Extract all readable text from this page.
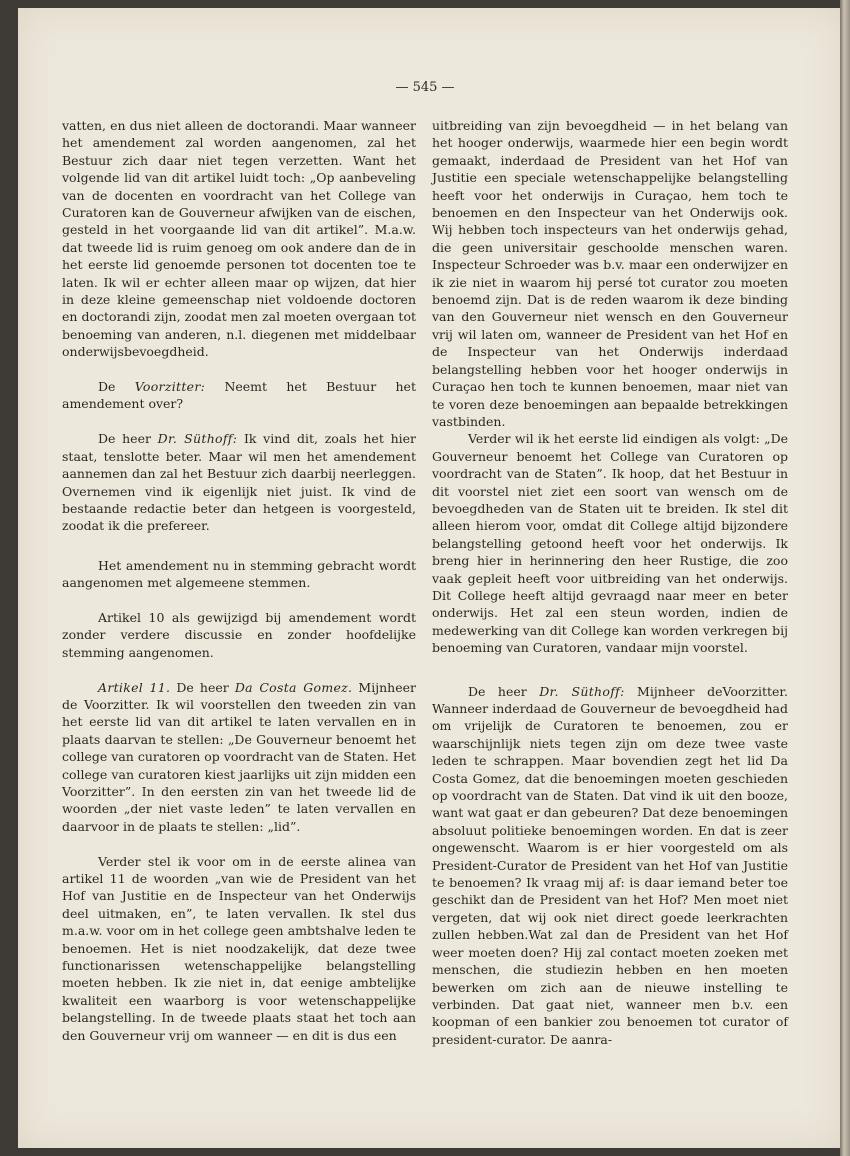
— 545 —

vatten, en dus niet alleen de doctorandi. Maar wanneer het amendement zal worden aangenomen, zal het Bestuur zich daar niet tegen verzetten. Want het volgende lid van dit artikel luidt toch: „Op aanbeveling van de docenten en voordracht van het College van Curatoren kan de Gouverneur afwijken van de eischen, gesteld in het voorgaande lid van dit artikel”. M.a.w. dat tweede lid is ruim genoeg om ook andere dan de in het eerste lid genoemde personen tot docenten toe te laten. Ik wil er echter alleen maar op wijzen, dat hier in deze kleine gemeenschap niet voldoende doctoren en doctorandi zijn, zoodat men zal moeten overgaan tot benoeming van anderen, n.l. diegenen met middelbaar onderwijsbevoegdheid.

De Voorzitter: Neemt het Bestuur het amendement over?

De heer Dr. Süthoff: Ik vind dit, zoals het hier staat, tenslotte beter. Maar wil men het amendement aannemen dan zal het Bestuur zich daarbij neerleggen. Overnemen vind ik eigenlijk niet juist. Ik vind de bestaande redactie beter dan hetgeen is voorgesteld, zoodat ik die prefereer.

Het amendement nu in stemming gebracht wordt aangenomen met algemeene stemmen.

Artikel 10 als gewijzigd bij amendement wordt zonder verdere discussie en zonder hoofdelijke stemming aangenomen.

Artikel 11. De heer Da Costa Gomez. Mijnheer de Voorzitter. Ik wil voorstellen den tweeden zin van het eerste lid van dit artikel te laten vervallen en in plaats daarvan te stellen: „De Gouverneur benoemt het college van curatoren op voordracht van de Staten. Het college van curatoren kiest jaarlijks uit zijn midden een Voorzitter”. In den eersten zin van het tweede lid de woorden „der niet vaste leden” te laten vervallen en daarvoor in de plaats te stellen: „lid”.

Verder stel ik voor om in de eerste alinea van artikel 11 de woorden „van wie de President van het Hof van Justitie en de Inspecteur van het Onderwijs deel uitmaken, en”, te laten vervallen. Ik stel dus m.a.w. voor om in het college geen ambtshalve leden te benoemen. Het is niet noodzakelijk, dat deze twee functionarissen wetenschappelijke belangstelling moeten hebben. Ik zie niet in, dat eenige ambtelijke kwaliteit een waarborg is voor wetenschappelijke belangstelling. In de tweede plaats staat het toch aan den Gouverneur vrij om wanneer — en dit is dus een

uitbreiding van zijn bevoegdheid — in het belang van het hooger onderwijs, waarmede hier een begin wordt gemaakt, inderdaad de President van het Hof van Justitie een speciale wetenschappelijke belangstelling heeft voor het onderwijs in Curaçao, hem toch te benoemen en den Inspecteur van het Onderwijs ook. Wij hebben toch inspecteurs van het onderwijs gehad, die geen universitair geschoolde menschen waren. Inspecteur Schroeder was b.v. maar een onderwijzer en ik zie niet in waarom hij persé tot curator zou moeten benoemd zijn. Dat is de reden waarom ik deze binding van den Gouverneur niet wensch en den Gouverneur vrij wil laten om, wanneer de President van het Hof en de Inspecteur van het Onderwijs inderdaad belangstelling hebben voor het hooger onderwijs in Curaçao hen toch te kunnen benoemen, maar niet van te voren deze benoemingen aan bepaalde betrekkingen vastbinden.

Verder wil ik het eerste lid eindigen als volgt: „De Gouverneur benoemt het College van Curatoren op voordracht van de Staten”. Ik hoop, dat het Bestuur in dit voorstel niet ziet een soort van wensch om de bevoegdheden van de Staten uit te breiden. Ik stel dit alleen hierom voor, omdat dit College altijd bijzondere belangstelling getoond heeft voor het onderwijs. Ik breng hier in herinnering den heer Rustige, die zoo vaak gepleit heeft voor uitbreiding van het onderwijs. Dit College heeft altijd gevraagd naar meer en beter onderwijs. Het zal een steun worden, indien de medewerking van dit College kan worden verkregen bij benoeming van Curatoren, vandaar mijn voorstel.

De heer Dr. Süthoff: Mijnheer deVoorzitter. Wanneer inderdaad de Gouverneur de bevoegdheid had om vrijelijk de Curatoren te benoemen, zou er waarschijnlijk niets tegen zijn om deze twee vaste leden te schrappen. Maar bovendien zegt het lid Da Costa Gomez, dat die benoemingen moeten geschieden op voordracht van de Staten. Dat vind ik uit den booze, want wat gaat er dan gebeuren? Dat deze benoemingen absoluut politieke benoemingen worden. En dat is zeer ongewenscht. Waarom is er hier voorgesteld om als President-Curator de President van het Hof van Justitie te benoemen? Ik vraag mij af: is daar iemand beter toe geschikt dan de President van het Hof? Men moet niet vergeten, dat wij ook niet direct goede leerkrachten zullen hebben.Wat zal dan de President van het Hof weer moeten doen? Hij zal contact moeten zoeken met menschen, die studiezin hebben en hen moeten bewerken om zich aan de nieuwe instelling te verbinden. Dat gaat niet, wanneer men b.v. een koopman of een bankier zou benoemen tot curator of president-curator. De aanra-
